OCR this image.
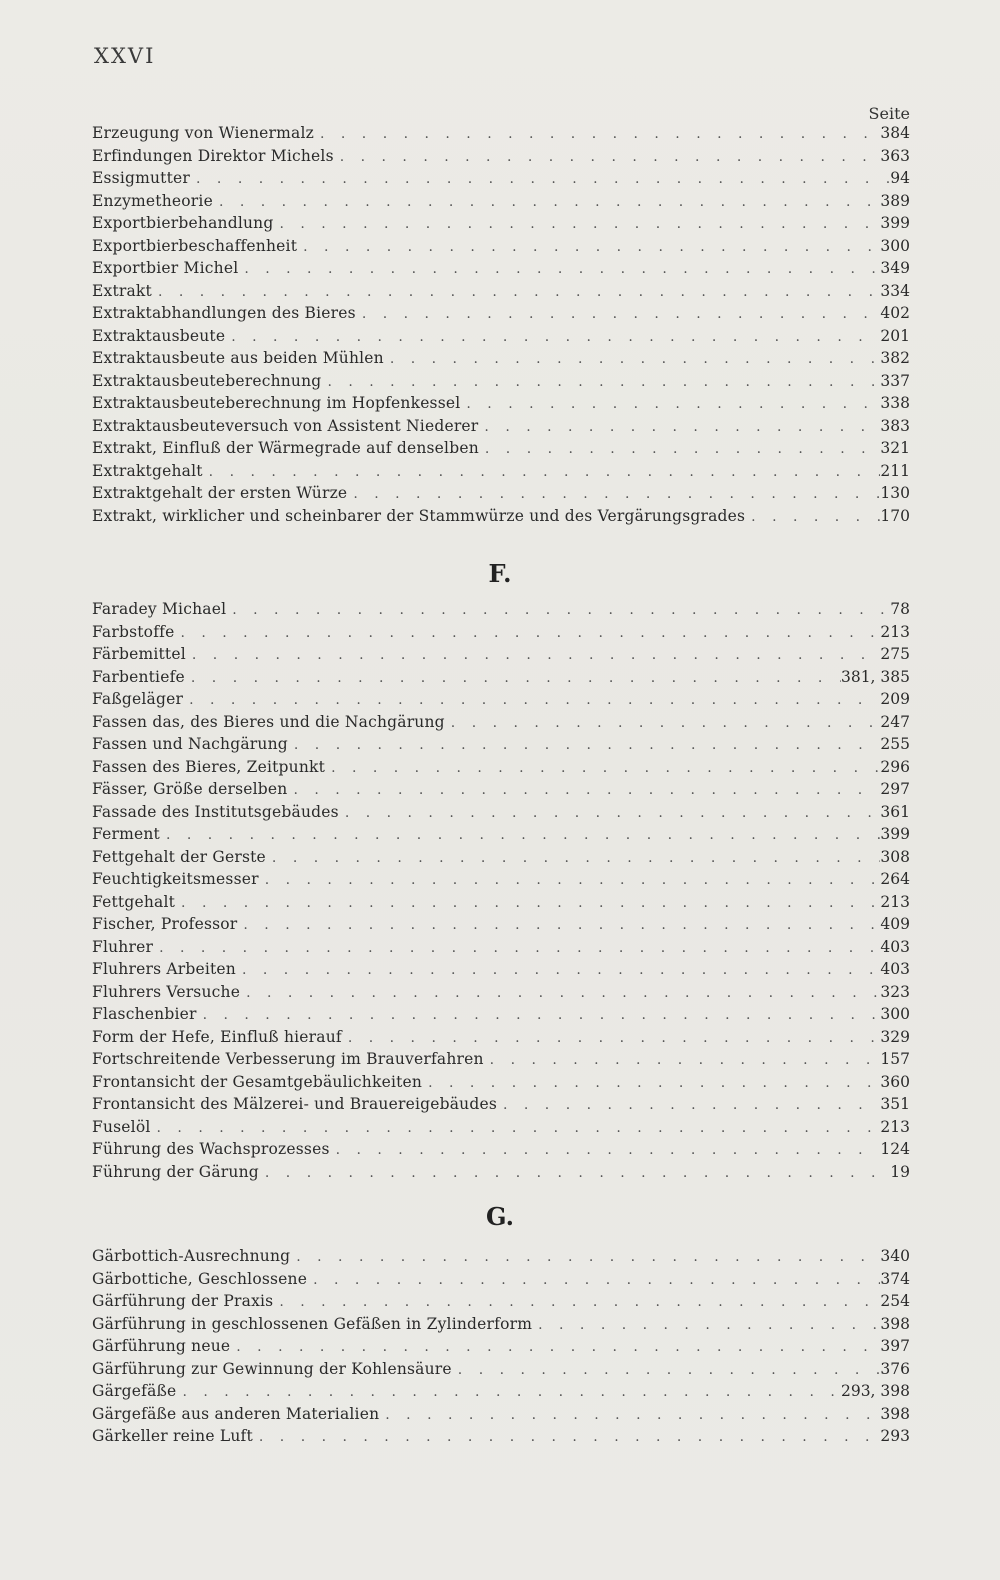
XXVI
Seite
Erzeugung von Wienermalz . . .	384
Erfindungen Direktor Michels . . .	363
Essigmutter . . .	94
Enzymetheorie . . .	389
Exportbierbehandlung . . .	399
Exportbierbeschaffenheit . . .	300
Exportbier Michel . . .	349
Extrakt . . .	334
Extraktabhandlungen des Bieres . . .	402
Extraktausbeute . . .	201
Extraktausbeute aus beiden Mühlen . . .	382
Extraktausbeuteberechnung . . .	337
Extraktausbeuteberechnung im Hopfenkessel . . .	338
Extraktausbeuteversuch von Assistent Niederer . . .	383
Extrakt, Einfluß der Wärmegrade auf denselben . . .	321
Extraktgehalt . . .	211
Extraktgehalt der ersten Würze . . .	130
Extrakt, wirklicher und scheinbarer der Stammwürze und des Vergärungsgrades . . .	170
F.
Faradey Michael . . .	78
Farbstoffe . . .	213
Färbemittel . . .	275
Farbentiefe . . .	381, 385
Faßgeläger . . .	209
Fassen das, des Bieres und die Nachgärung . . .	247
Fassen und Nachgärung . . .	255
Fassen des Bieres, Zeitpunkt . . .	296
Fässer, Größe derselben . . .	297
Fassade des Institutsgebäudes . . .	361
Ferment . . .	399
Fettgehalt der Gerste . . .	308
Feuchtigkeitsmesser . . .	264
Fettgehalt . . .	213
Fischer, Professor . . .	409
Fluhrer . . .	403
Fluhrers Arbeiten . . .	403
Fluhrers Versuche . . .	323
Flaschenbier . . .	300
Form der Hefe, Einfluß hierauf . . .	329
Fortschreitende Verbesserung im Brauverfahren . . .	157
Frontansicht der Gesamtgebäulichkeiten . . .	360
Frontansicht des Mälzerei- und Brauereigebäudes . . .	351
Fuselöl . . .	213
Führung des Wachsprozesses . . .	124
Führung der Gärung . . .	19
G.
Gärbottich-Ausrechnung . . .	340
Gärbottiche, Geschlossene . . .	374
Gärführung der Praxis . . .	254
Gärführung in geschlossenen Gefäßen in Zylinderform . . .	398
Gärführung neue . . .	397
Gärführung zur Gewinnung der Kohlensäure . . .	376
Gärgefäße . . .	293, 398
Gärgefäße aus anderen Materialien . . .	398
Gärkeller reine Luft . . .	293
